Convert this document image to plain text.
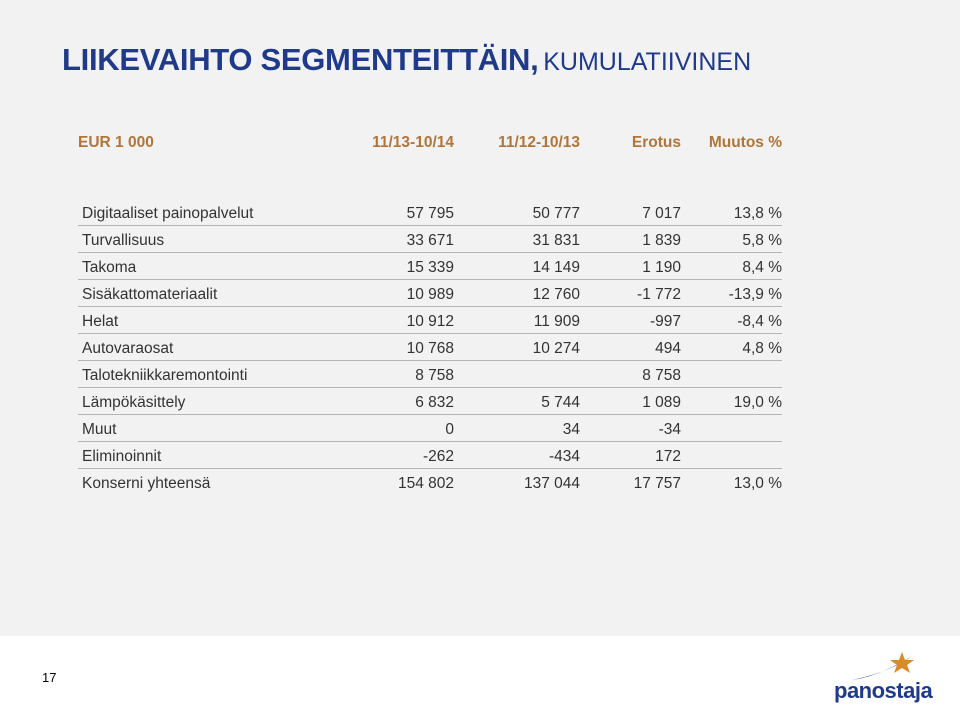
LIIKEVAIHTO SEGMENTEITTÄIN, KUMULATIIVINEN
EUR 1 000	11/13-10/14	11/12-10/13	Erotus	Muutos %

Digitaaliset painopalvelut	57 795	50 777	7 017	13,8 %
Turvallisuus	33 671	31 831	1 839	5,8 %
Takoma	15 339	14 149	1 190	8,4 %
Sisäkattomateriaalit	10 989	12 760	-1 772	-13,9 %
Helat	10 912	11 909	-997	-8,4 %
Autovaraosat	10 768	10 274	494	4,8 %
Talotekniikkaremontointi	8 758		8 758	
Lämpökäsittely	6 832	5 744	1 089	19,0 %
Muut	0	34	-34	
Eliminoinnit	-262	-434	172	
Konserni yhteensä	154 802	137 044	17 757	13,0 %
17
panostaja
